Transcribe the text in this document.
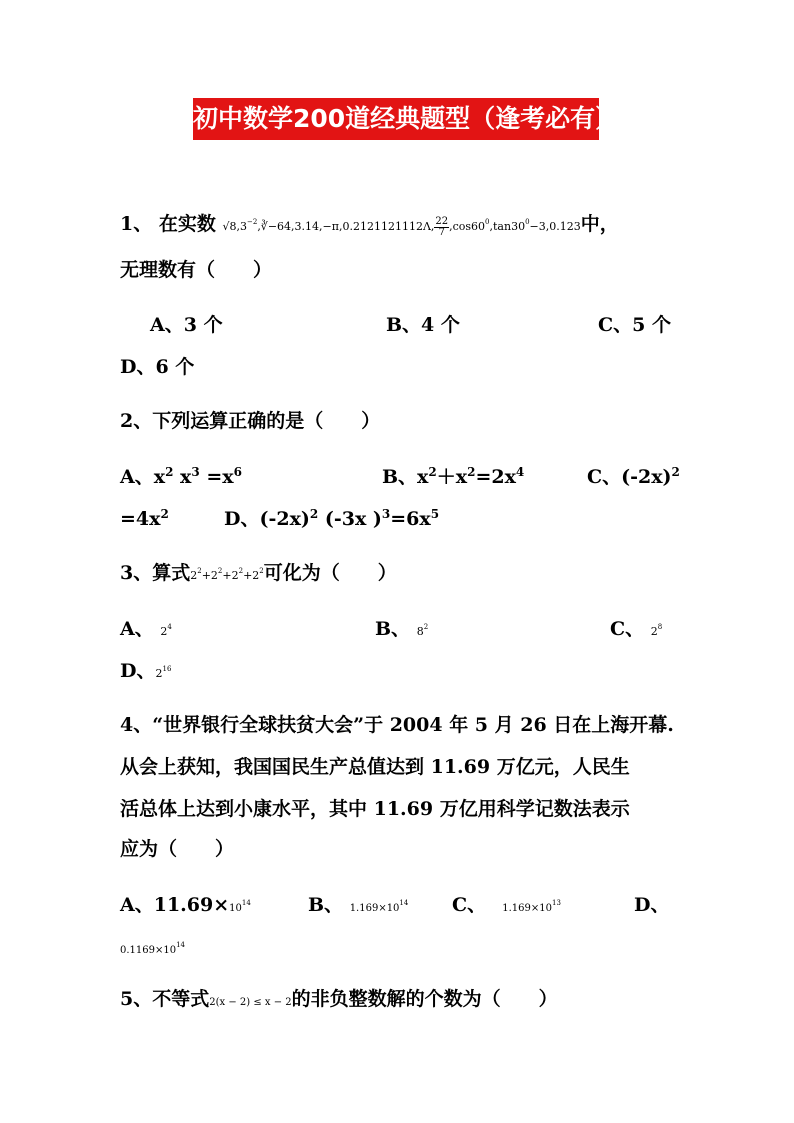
初中数学200道经典题型（逢考必有）
1、 在实数 $√8,3^{-2},∛-64,3.14,-\pi,0.2121121112\Lambda$, $\frac{22}{7} ,\cos 60^0,\tan 30^0-3,0.123$中，
无理数有（　　）
A、3 个	B、4 个	C、5 个
D、6 个
2、下列运算正确的是（　　）
A、$x^2$ $x^3 =x^6$	B、$x^2+x^2=2x^4$	C、$(-2x)^2$
$=4x^2$	D、$(-2x)^2$ (-3x )$^3=6x^5$
3、算式$2^2+2^2+2^2+2^2$可化为（　　）
A、 $2^4$	B、 $8^2$	C、 $2^8$
D、$2^{16}$
4、“世界银行全球扶贫大会”于 2004 年 5 月 26 日在上海开幕.
从会上获知，我国国民生产总值达到 11.69 万亿元，人民生
活总体上达到小康水平，其中 11.69 万亿用科学记数法表示
应为（　　）
A、$11.69\times 10^{14}$	B、 $1.169\times 10^{14}$ C、　	$1.169\times 10^{13}$	D、
$0.1169\times 10^{14}$
5、不等式2(x − 2) ≤ x − 2的非负整数解的个数为（　　）
